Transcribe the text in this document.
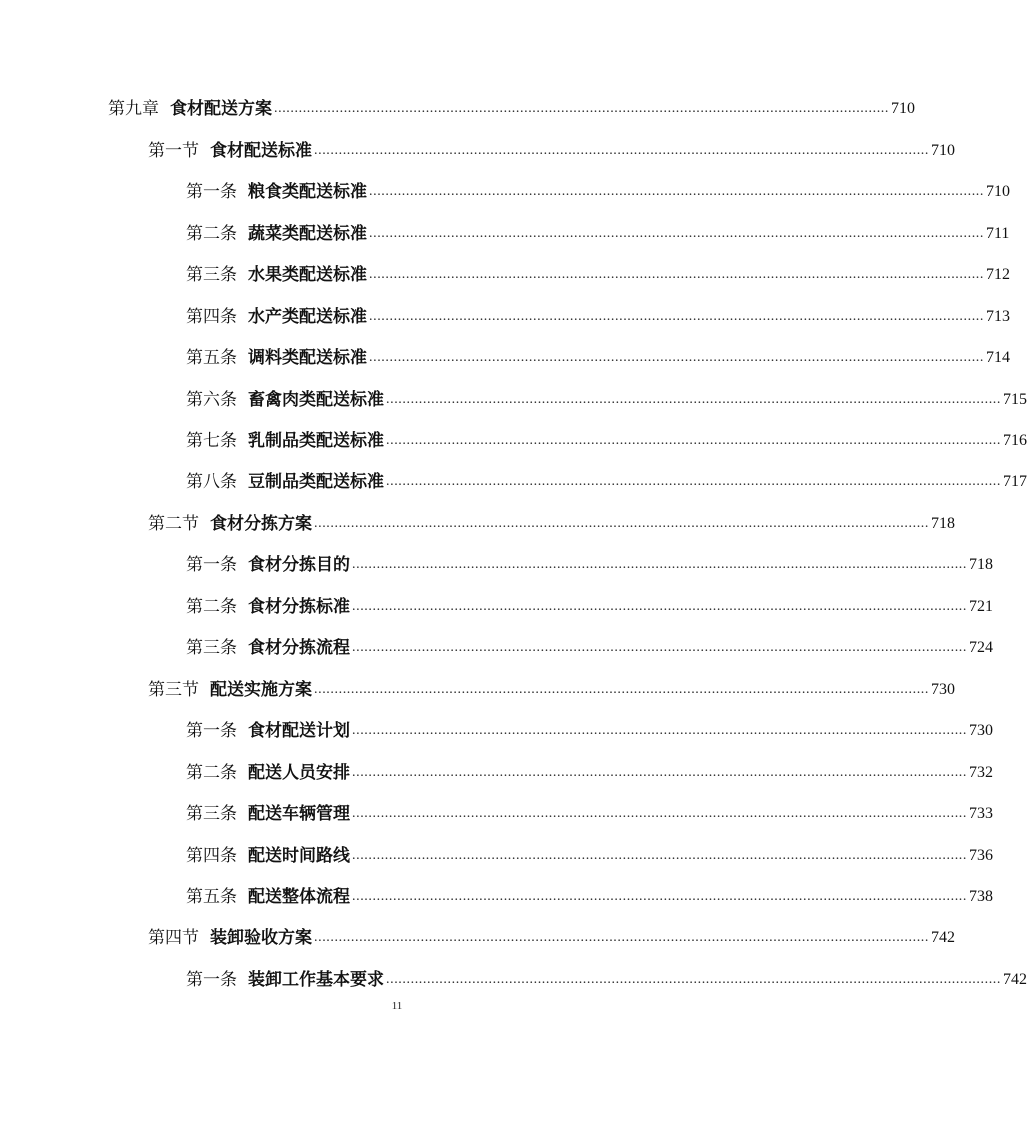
第九章 食材配送方案 ...................................................................................................................................................... 710
第一节 食材配送标准 ...................................................................................................................................................... 710
第一条 粮食类配送标准 ...................................................................................................................................................... 710
第二条 蔬菜类配送标准 ...................................................................................................................................................... 711
第三条 水果类配送标准 ...................................................................................................................................................... 712
第四条 水产类配送标准 ...................................................................................................................................................... 713
第五条 调料类配送标准 ...................................................................................................................................................... 714
第六条 畜禽肉类配送标准 ...................................................................................................................................................... 715
第七条 乳制品类配送标准 ...................................................................................................................................................... 716
第八条 豆制品类配送标准 ...................................................................................................................................................... 717
第二节 食材分拣方案 ...................................................................................................................................................... 718
第一条 食材分拣目的 ...................................................................................................................................................... 718
第二条 食材分拣标准 ...................................................................................................................................................... 721
第三条 食材分拣流程 ...................................................................................................................................................... 724
第三节 配送实施方案 ...................................................................................................................................................... 730
第一条 食材配送计划 ...................................................................................................................................................... 730
第二条 配送人员安排 ...................................................................................................................................................... 732
第三条 配送车辆管理 ...................................................................................................................................................... 733
第四条 配送时间路线 ...................................................................................................................................................... 736
第五条 配送整体流程 ...................................................................................................................................................... 738
第四节 装卸验收方案 ...................................................................................................................................................... 742
第一条 装卸工作基本要求 ...................................................................................................................................................... 742
11
